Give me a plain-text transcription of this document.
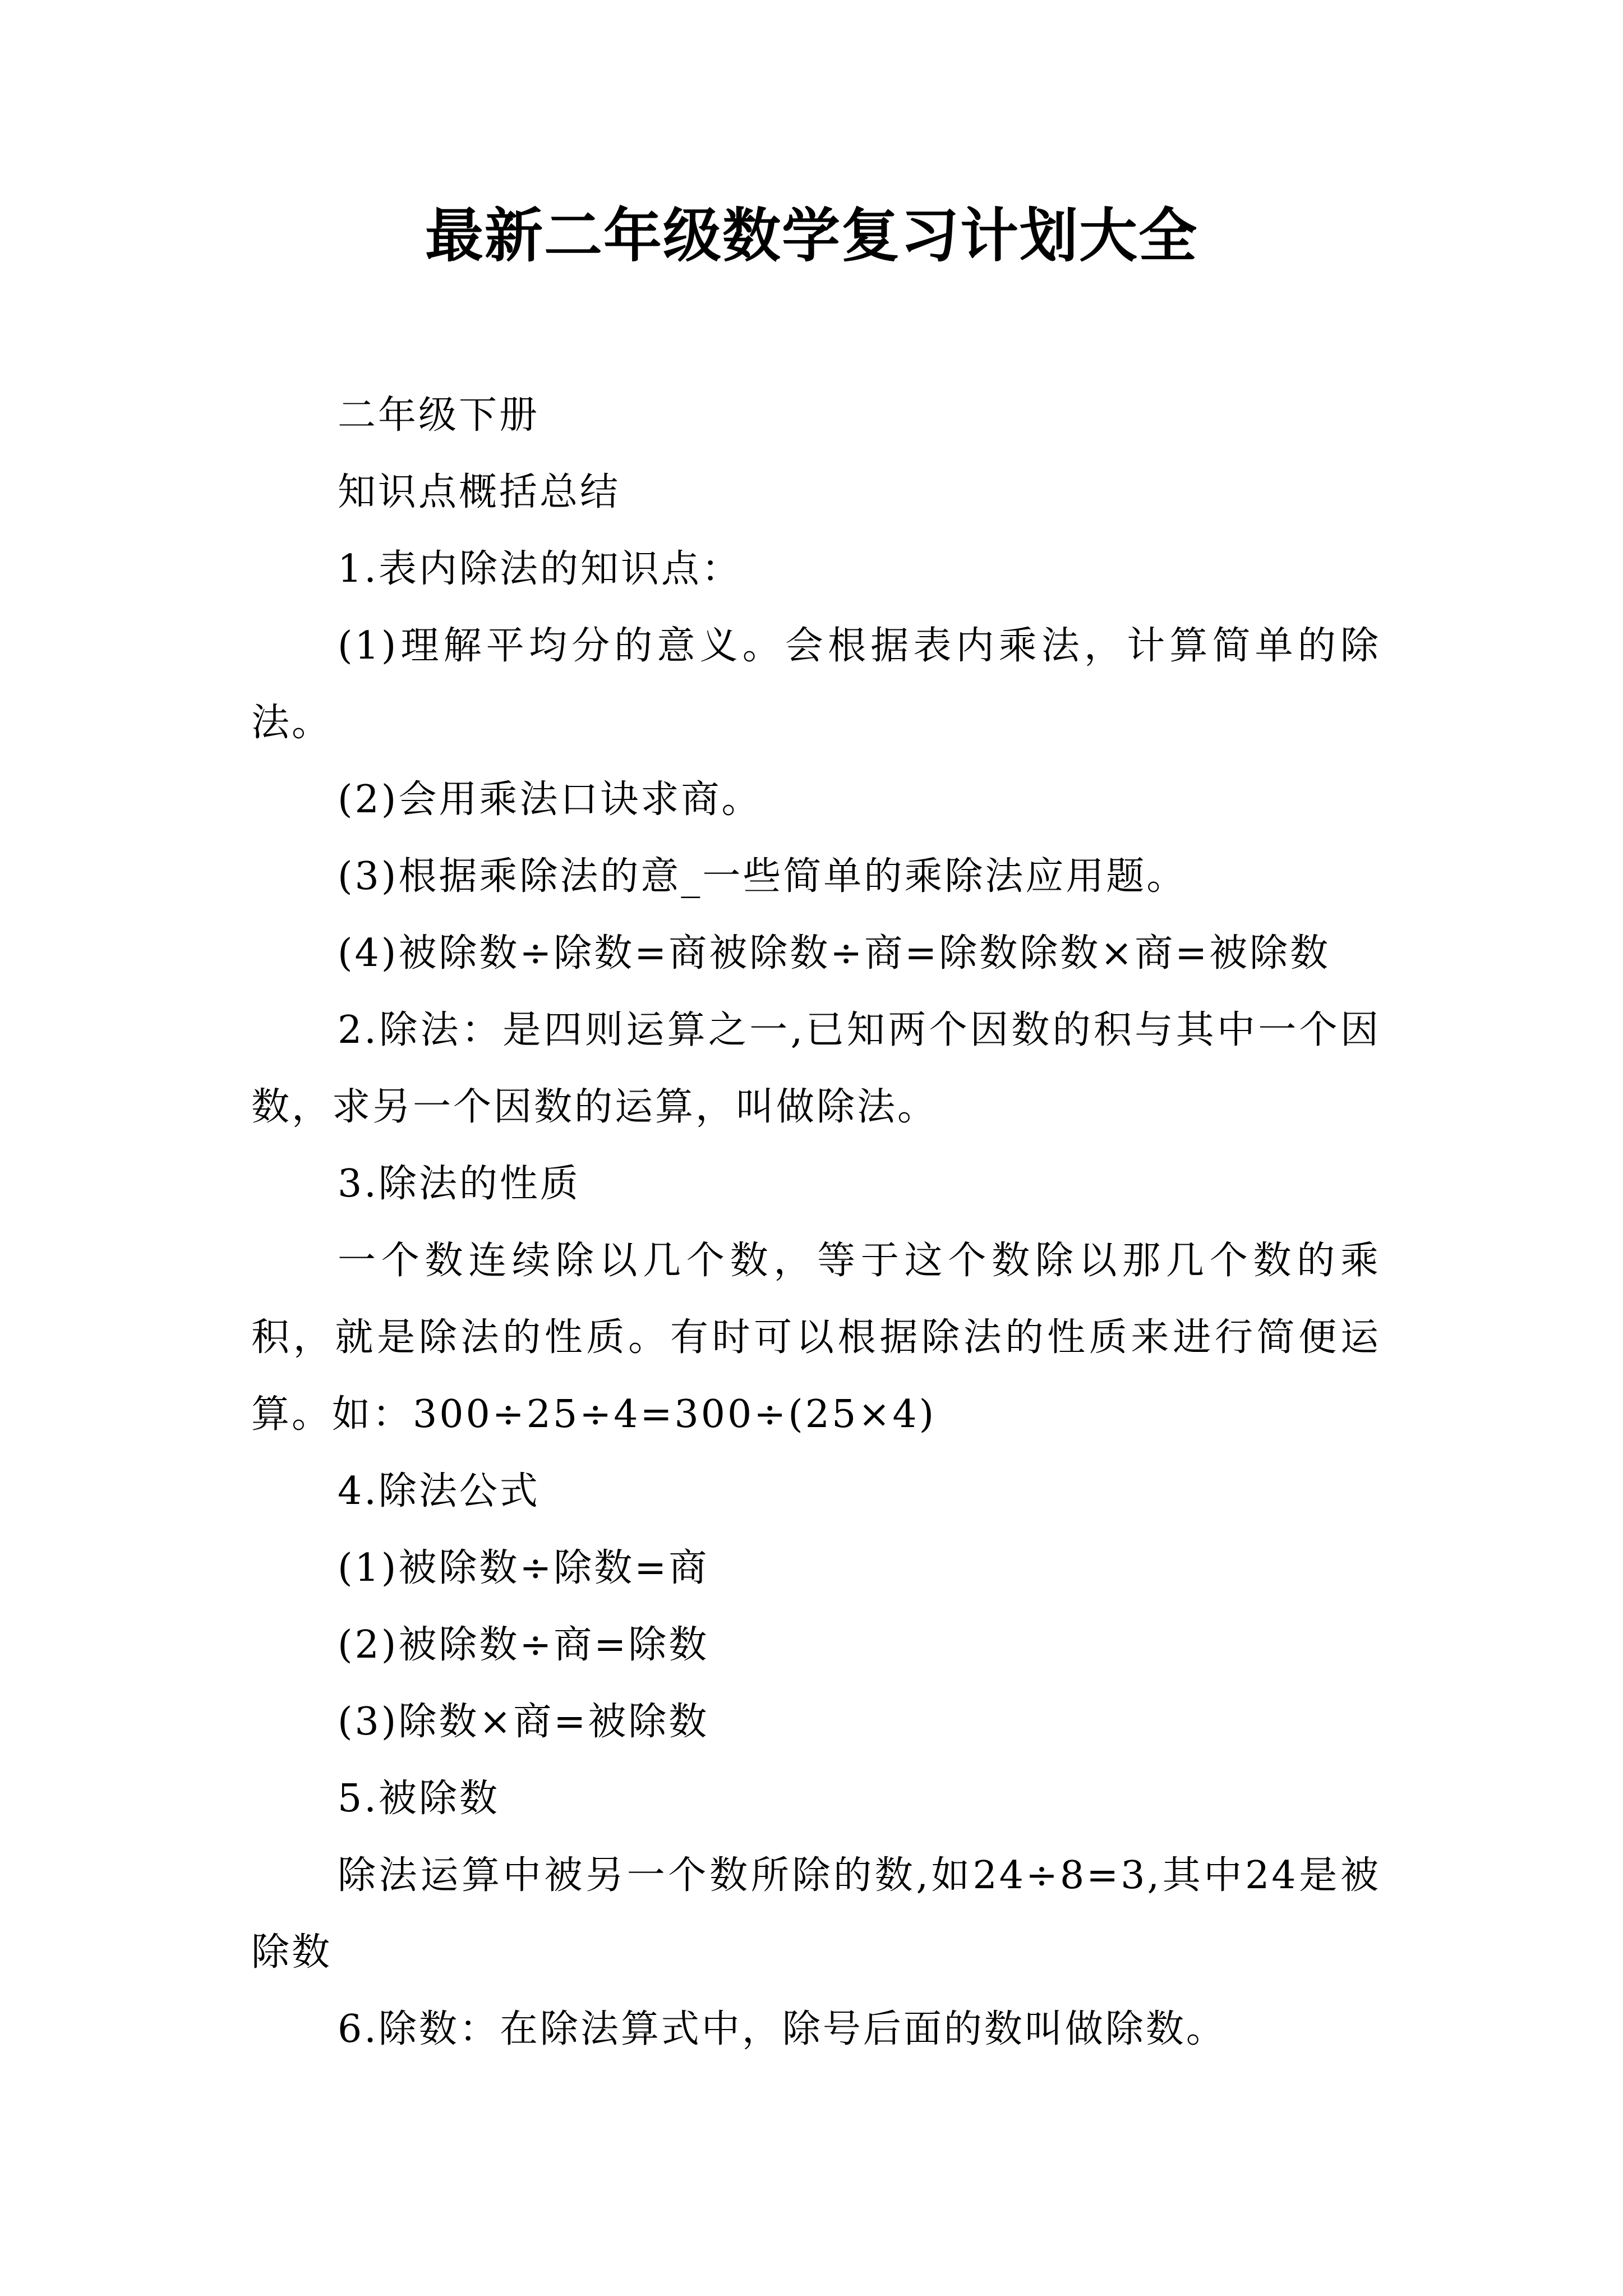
最新二年级数学复习计划大全

二年级下册

知识点概括总结

1.表内除法的知识点：

(1)理解平均分的意义。会根据表内乘法，计算简单的除法。

(2)会用乘法口诀求商。

(3)根据乘除法的意_一些简单的乘除法应用题。

(4)被除数÷除数=商被除数÷商=除数除数×商=被除数

2.除法：是四则运算之一,已知两个因数的积与其中一个因数，求另一个因数的运算，叫做除法。

3.除法的性质

一个数连续除以几个数，等于这个数除以那几个数的乘积，就是除法的性质。有时可以根据除法的性质来进行简便运算。如：300÷25÷4=300÷(25×4)

4.除法公式

(1)被除数÷除数=商

(2)被除数÷商=除数

(3)除数×商=被除数

5.被除数

除法运算中被另一个数所除的数,如24÷8=3,其中24是被除数

6.除数：在除法算式中，除号后面的数叫做除数。
